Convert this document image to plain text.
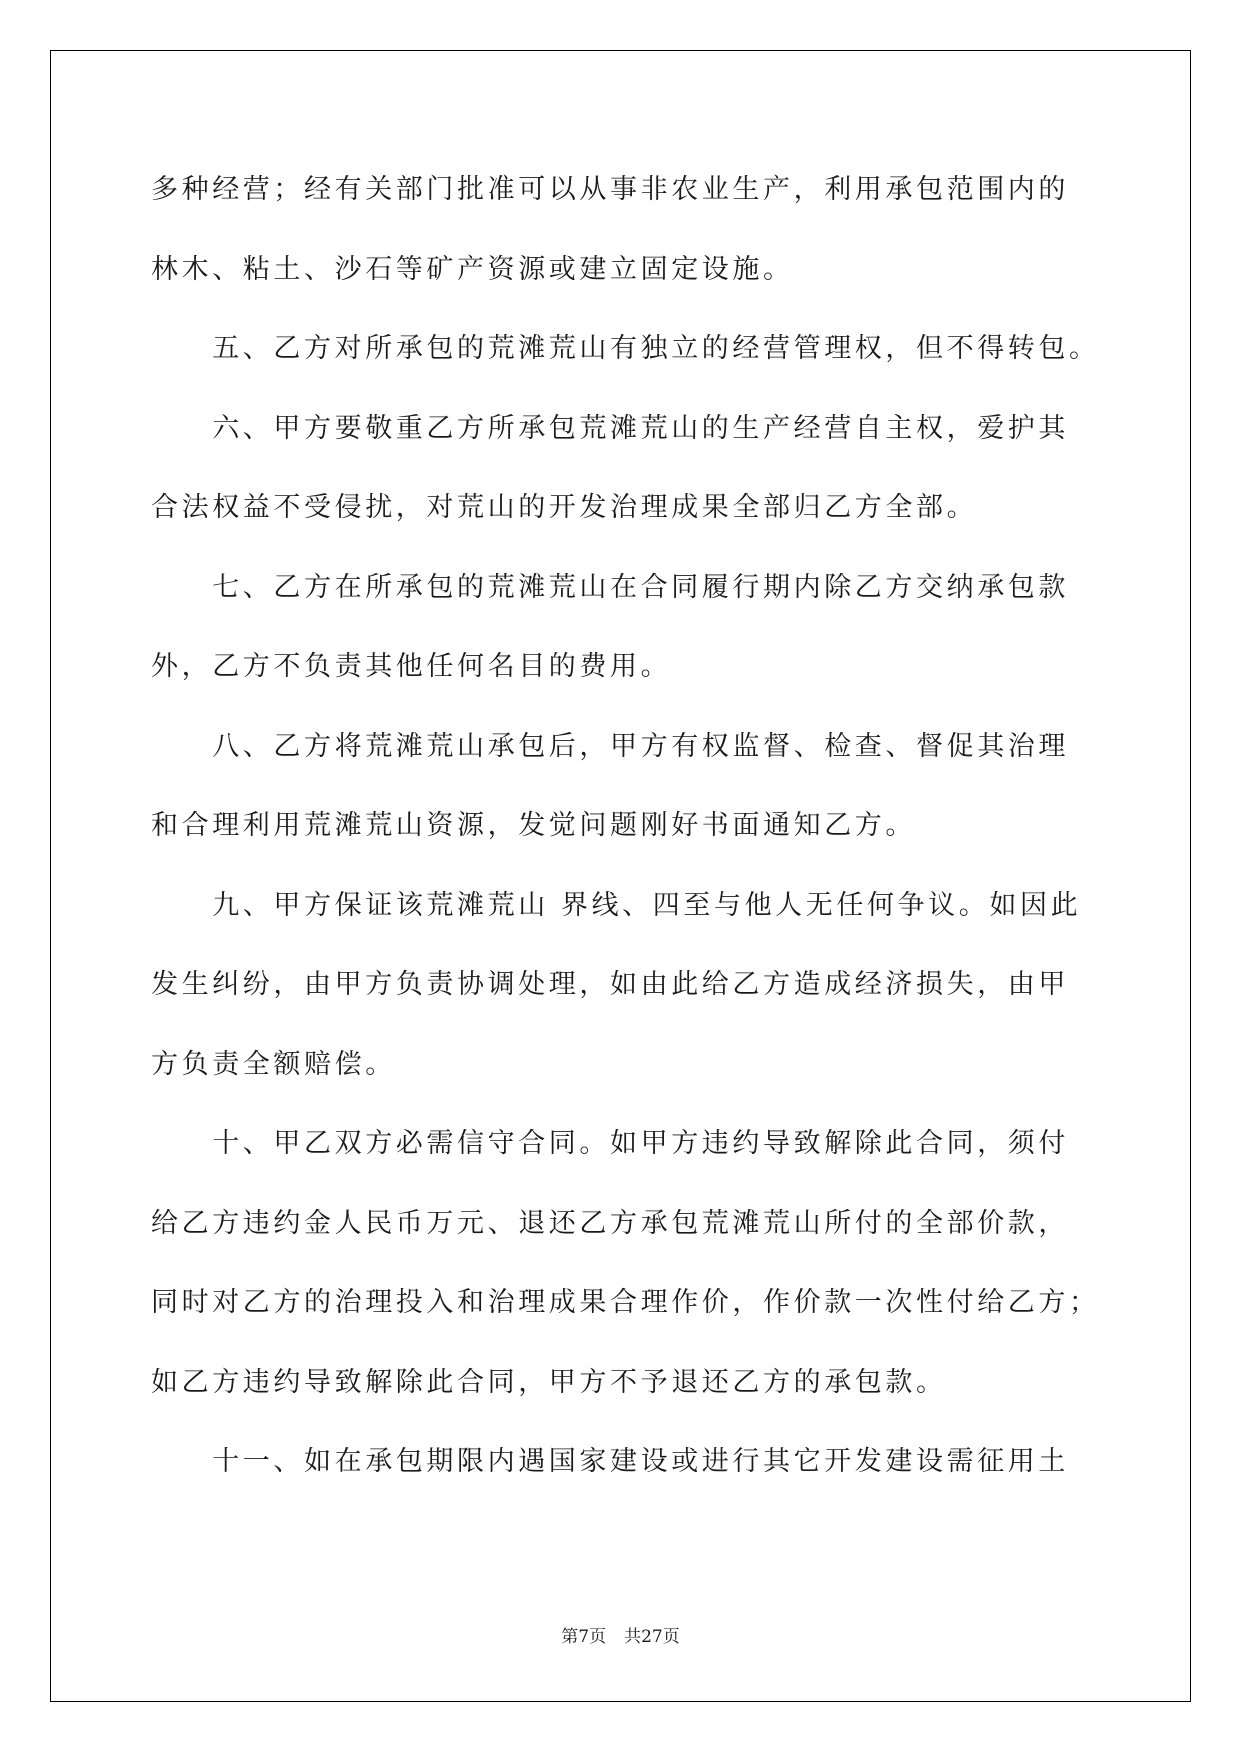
多种经营；经有关部门批准可以从事非农业生产，利用承包范围内的
林木、粘土、沙石等矿产资源或建立固定设施。
　　五、乙方对所承包的荒滩荒山有独立的经营管理权，但不得转包。
　　六、甲方要敬重乙方所承包荒滩荒山的生产经营自主权，爱护其
合法权益不受侵扰，对荒山的开发治理成果全部归乙方全部。
　　七、乙方在所承包的荒滩荒山在合同履行期内除乙方交纳承包款
外，乙方不负责其他任何名目的费用。
　　八、乙方将荒滩荒山承包后，甲方有权监督、检查、督促其治理
和合理利用荒滩荒山资源，发觉问题刚好书面通知乙方。
　　九、甲方保证该荒滩荒山 界线、四至与他人无任何争议。如因此
发生纠纷，由甲方负责协调处理，如由此给乙方造成经济损失，由甲
方负责全额赔偿。
　　十、甲乙双方必需信守合同。如甲方违约导致解除此合同，须付
给乙方违约金人民币万元、退还乙方承包荒滩荒山所付的全部价款，
同时对乙方的治理投入和治理成果合理作价，作价款一次性付给乙方；
如乙方违约导致解除此合同，甲方不予退还乙方的承包款。
　　十一、如在承包期限内遇国家建设或进行其它开发建设需征用土

第7页 共27页
